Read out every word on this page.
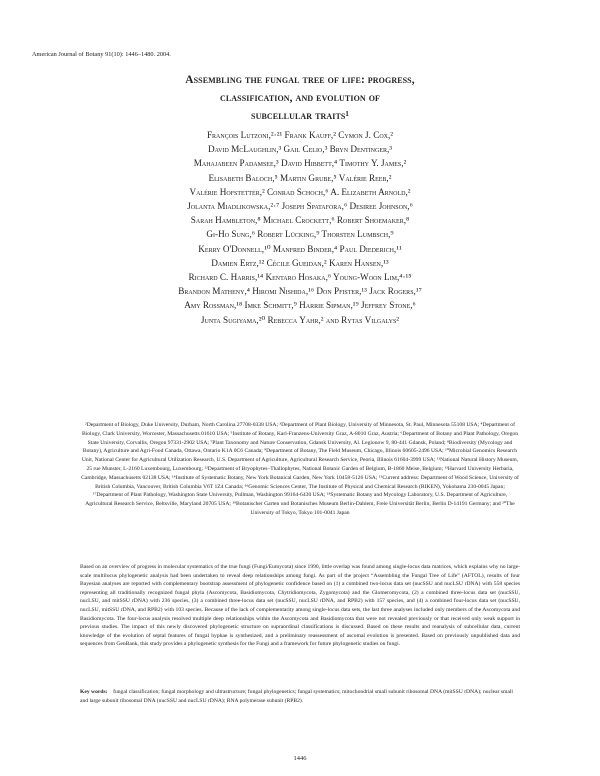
American Journal of Botany 91(10): 1446–1480. 2004.
Assembling the fungal tree of life: progress,
classification, and evolution of
subcellular traits¹
François Lutzoni,²·²¹ Frank Kauff,² Cymon J. Cox,²
David McLaughlin,³ Gail Celio,³ Bryn Dentinger,³
Mahajabeen Padamsee,³ David Hibbett,⁴ Timothy Y. James,²
Elisabeth Baloch,⁵ Martin Grube,⁵ Valérie Reeb,²
Valérie Hofstetter,² Conrad Schoch,⁶ A. Elizabeth Arnold,²
Jolanta Miadlikowska,²·⁷ Joseph Spatafora,⁶ Desiree Johnson,⁶
Sarah Hambleton,⁸ Michael Crockett,⁶ Robert Shoemaker,⁸
Gi-Ho Sung,⁶ Robert Lücking,⁹ Thorsten Lumbsch,⁹
Kerry O'Donnell,¹⁰ Manfred Binder,⁴ Paul Diederich,¹¹
Damien Ertz,¹² Cécile Gueidan,² Karen Hansen,¹³
Richard C. Harris,¹⁴ Kentaro Hosaka,⁶ Young-Woon Lim,⁴·¹⁵
Brandon Matheny,⁴ Hiromi Nishida,¹⁶ Don Pfister,¹³ Jack Rogers,¹⁷
Amy Rossman,¹⁸ Imke Schmitt,⁹ Harrie Sipman,¹⁹ Jeffrey Stone,⁶
Junta Sugiyama,²⁰ Rebecca Yahr,² and Rytas Vilgalys²
²Department of Biology, Duke University, Durham, North Carolina 27708-0338 USA; ³Department of Plant Biology, University of Minnesota, St. Paul, Minnesota 55108 USA; ⁴Department of Biology, Clark University, Worcester, Massachusetts 01610 USA; ⁵Institute of Botany, Karl-Franzens-University Graz, A-8010 Graz, Austria; ⁶Department of Botany and Plant Pathology, Oregon State University, Corvallis, Oregon 97331-2902 USA; ⁷Plant Taxonomy and Nature Conservation, Gdansk University, Al. Legionow 9, 80-441 Gdansk, Poland; ⁸Biodiversity (Mycology and Botany), Agriculture and Agri-Food Canada, Ottawa, Ontario K1A 0C6 Canada; ⁹Department of Botany, The Field Museum, Chicago, Illinois 60605-2496 USA; ¹⁰Microbial Genomics Research Unit, National Center for Agricultural Utilization Research, U.S. Department of Agriculture, Agricultural Research Service, Peoria, Illinois 61604-3999 USA; ¹¹National Natural History Museum, 25 rue Munster, L-2160 Luxembourg, Luxembourg; ¹²Department of Bryophytes–Thallophytes, National Botanic Garden of Belgium, B-1860 Meise, Belgium; ¹³Harvard University Herbaria, Cambridge, Massachusetts 02138 USA; ¹⁴Institute of Systematic Botany, New York Botanical Garden, New York 10458-5126 USA; ¹⁵Current address: Department of Wood Science, University of British Columbia, Vancouver, British Columbia V6T 1Z4 Canada; ¹⁶Genomic Sciences Center, The Institute of Physical and Chemical Research (RIKEN), Yokohama 230-0045 Japan; ¹⁷Department of Plant Pathology, Washington State University, Pullman, Washington 99164-6430 USA; ¹⁸Systematic Botany and Mycology Laboratory, U.S. Department of Agriculture, Agricultural Research Service, Beltsville, Maryland 20705 USA; ¹⁹Botanischer Garten und Botanisches Museum Berlin-Dahlem, Freie Universität Berlin, Berlin D-14191 Germany; and ²⁰The University of Tokyo, Tokyo 101-0041 Japan
Based on an overview of progress in molecular systematics of the true fungi (Fungi/Eumycota) since 1990, little overlap was found among single-locus data matrices, which explains why no large-scale multilocus phylogenetic analysis had been undertaken to reveal deep relationships among fungi. As part of the project “Assembling the Fungal Tree of Life” (AFTOL), results of four Bayesian analyses are reported with complementary bootstrap assessment of phylogenetic confidence based on (1) a combined two-locus data set (nucSSU and nucLSU rDNA) with 558 species representing all traditionally recognized fungal phyla (Ascomycota, Basidiomycota, Chytridiomycota, Zygomycota) and the Glomeromycota, (2) a combined three-locus data set (nucSSU, nucLSU, and mitSSU rDNA) with 236 species, (3) a combined three-locus data set (nucSSU, nucLSU rDNA, and RPB2) with 157 species, and (4) a combined four-locus data set (nucSSU, nucLSU, mitSSU rDNA, and RPB2) with 103 species. Because of the lack of complementarity among single-locus data sets, the last three analyses included only members of the Ascomycota and Basidiomycota. The four-locus analysis resolved multiple deep relationships within the Ascomycota and Basidiomycota that were not revealed previously or that received only weak support in previous studies. The impact of this newly discovered phylogenetic structure on supraordinal classifications is discussed. Based on these results and reanalysis of subcellular data, current knowledge of the evolution of septal features of fungal hyphae is synthesized, and a preliminary reassessment of ascomal evolution is presented. Based on previously unpublished data and sequences from GenBank, this study provides a phylogenetic synthesis for the Fungi and a framework for future phylogenetic studies on fungi.
Key words: fungal classification; fungal morphology and ultrastructure; fungal phylogenetics; fungal systematics; mitochondrial small subunit ribosomal DNA (mitSSU rDNA); nuclear small and large subunit ribosomal DNA (nucSSU and nucLSU rDNA); RNA polymerase subunit (RPB2).
1446
